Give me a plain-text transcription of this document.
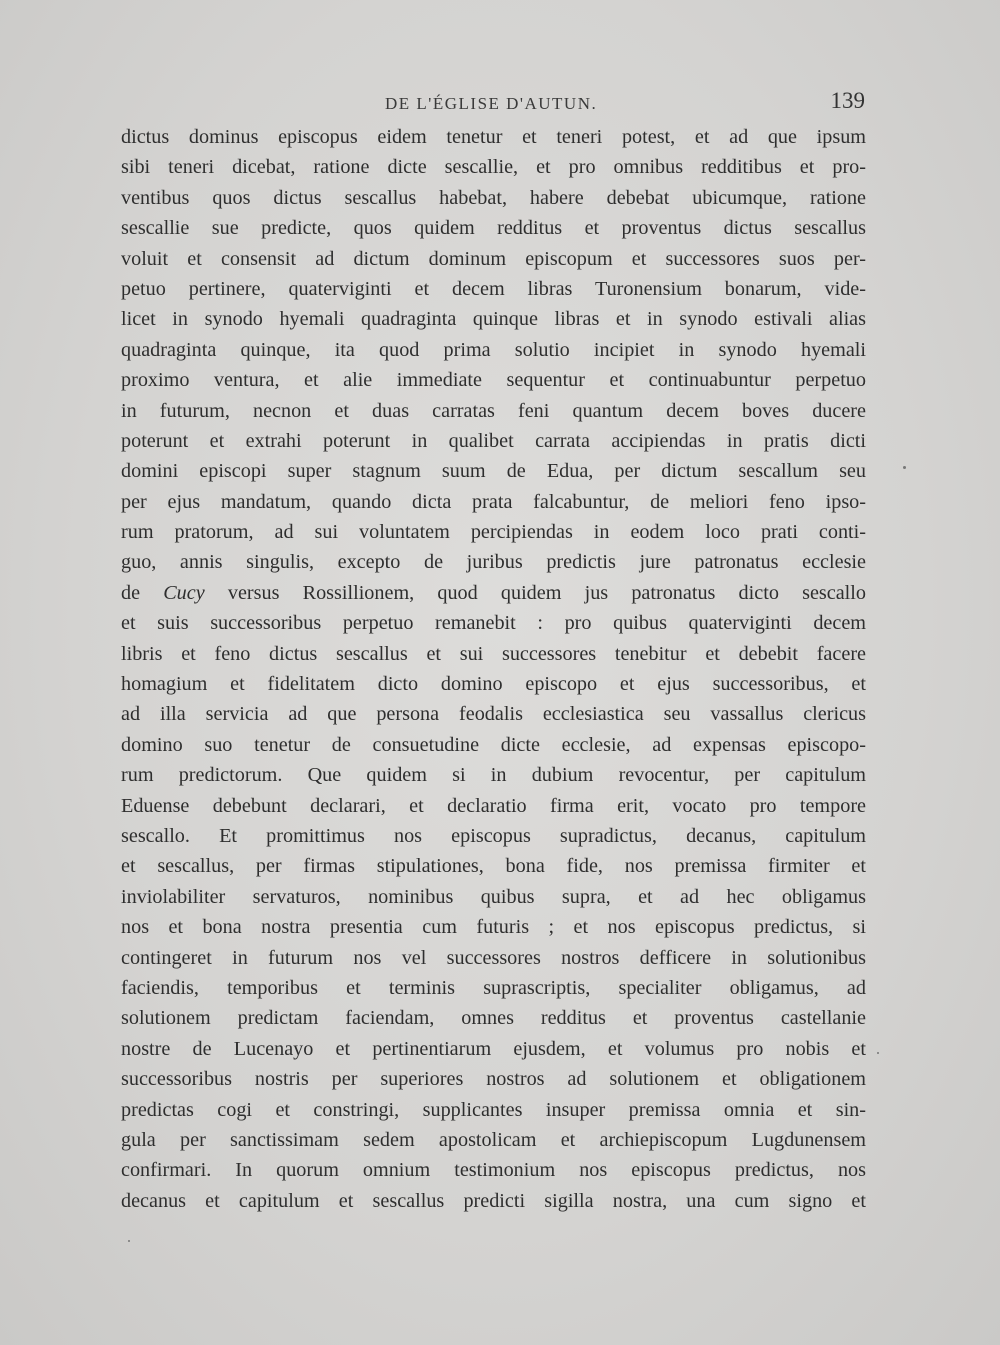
DE L'ÉGLISE D'AUTUN.	139
dictus dominus episcopus eidem tenetur et teneri potest, et ad que ipsum
sibi teneri dicebat, ratione dicte sescallie, et pro omnibus redditibus et pro-
ventibus quos dictus sescallus habebat, habere debebat ubicumque, ratione
sescallie sue predicte, quos quidem redditus et proventus dictus sescallus
voluit et consensit ad dictum dominum episcopum et successores suos per-
petuo pertinere, quaterviginti et decem libras Turonensium bonarum, vide-
licet in synodo hyemali quadraginta quinque libras et in synodo estivali alias
quadraginta quinque, ita quod prima solutio incipiet in synodo hyemali
proximo ventura, et alie immediate sequentur et continuabuntur perpetuo
in futurum, necnon et duas carratas feni quantum decem boves ducere
poterunt et extrahi poterunt in qualibet carrata accipiendas in pratis dicti
domini episcopi super stagnum suum de Edua, per dictum sescallum seu
per ejus mandatum, quando dicta prata falcabuntur, de meliori feno ipso-
rum pratorum, ad sui voluntatem percipiendas in eodem loco prati conti-
guo, annis singulis, excepto de juribus predictis jure patronatus ecclesie
de Cucy versus Rossillionem, quod quidem jus patronatus dicto sescallo
et suis successoribus perpetuo remanebit : pro quibus quaterviginti decem
libris et feno dictus sescallus et sui successores tenebitur et debebit facere
homagium et fidelitatem dicto domino episcopo et ejus successoribus, et
ad illa servicia ad que persona feodalis ecclesiastica seu vassallus clericus
domino suo tenetur de consuetudine dicte ecclesie, ad expensas episcopo-
rum predictorum. Que quidem si in dubium revocentur, per capitulum
Eduense debebunt declarari, et declaratio firma erit, vocato pro tempore
sescallo. Et promittimus nos episcopus supradictus, decanus, capitulum
et sescallus, per firmas stipulationes, bona fide, nos premissa firmiter et
inviolabiliter servaturos, nominibus quibus supra, et ad hec obligamus
nos et bona nostra presentia cum futuris ; et nos episcopus predictus, si
contingeret in futurum nos vel successores nostros defficere in solutionibus
faciendis, temporibus et terminis suprascriptis, specialiter obligamus, ad
solutionem predictam faciendam, omnes redditus et proventus castellanie
nostre de Lucenayo et pertinentiarum ejusdem, et volumus pro nobis et
successoribus nostris per superiores nostros ad solutionem et obligationem
predictas cogi et constringi, supplicantes insuper premissa omnia et sin-
gula per sanctissimam sedem apostolicam et archiepiscopum Lugdunensem
confirmari. In quorum omnium testimonium nos episcopus predictus, nos
decanus et capitulum et sescallus predicti sigilla nostra, una cum signo et
